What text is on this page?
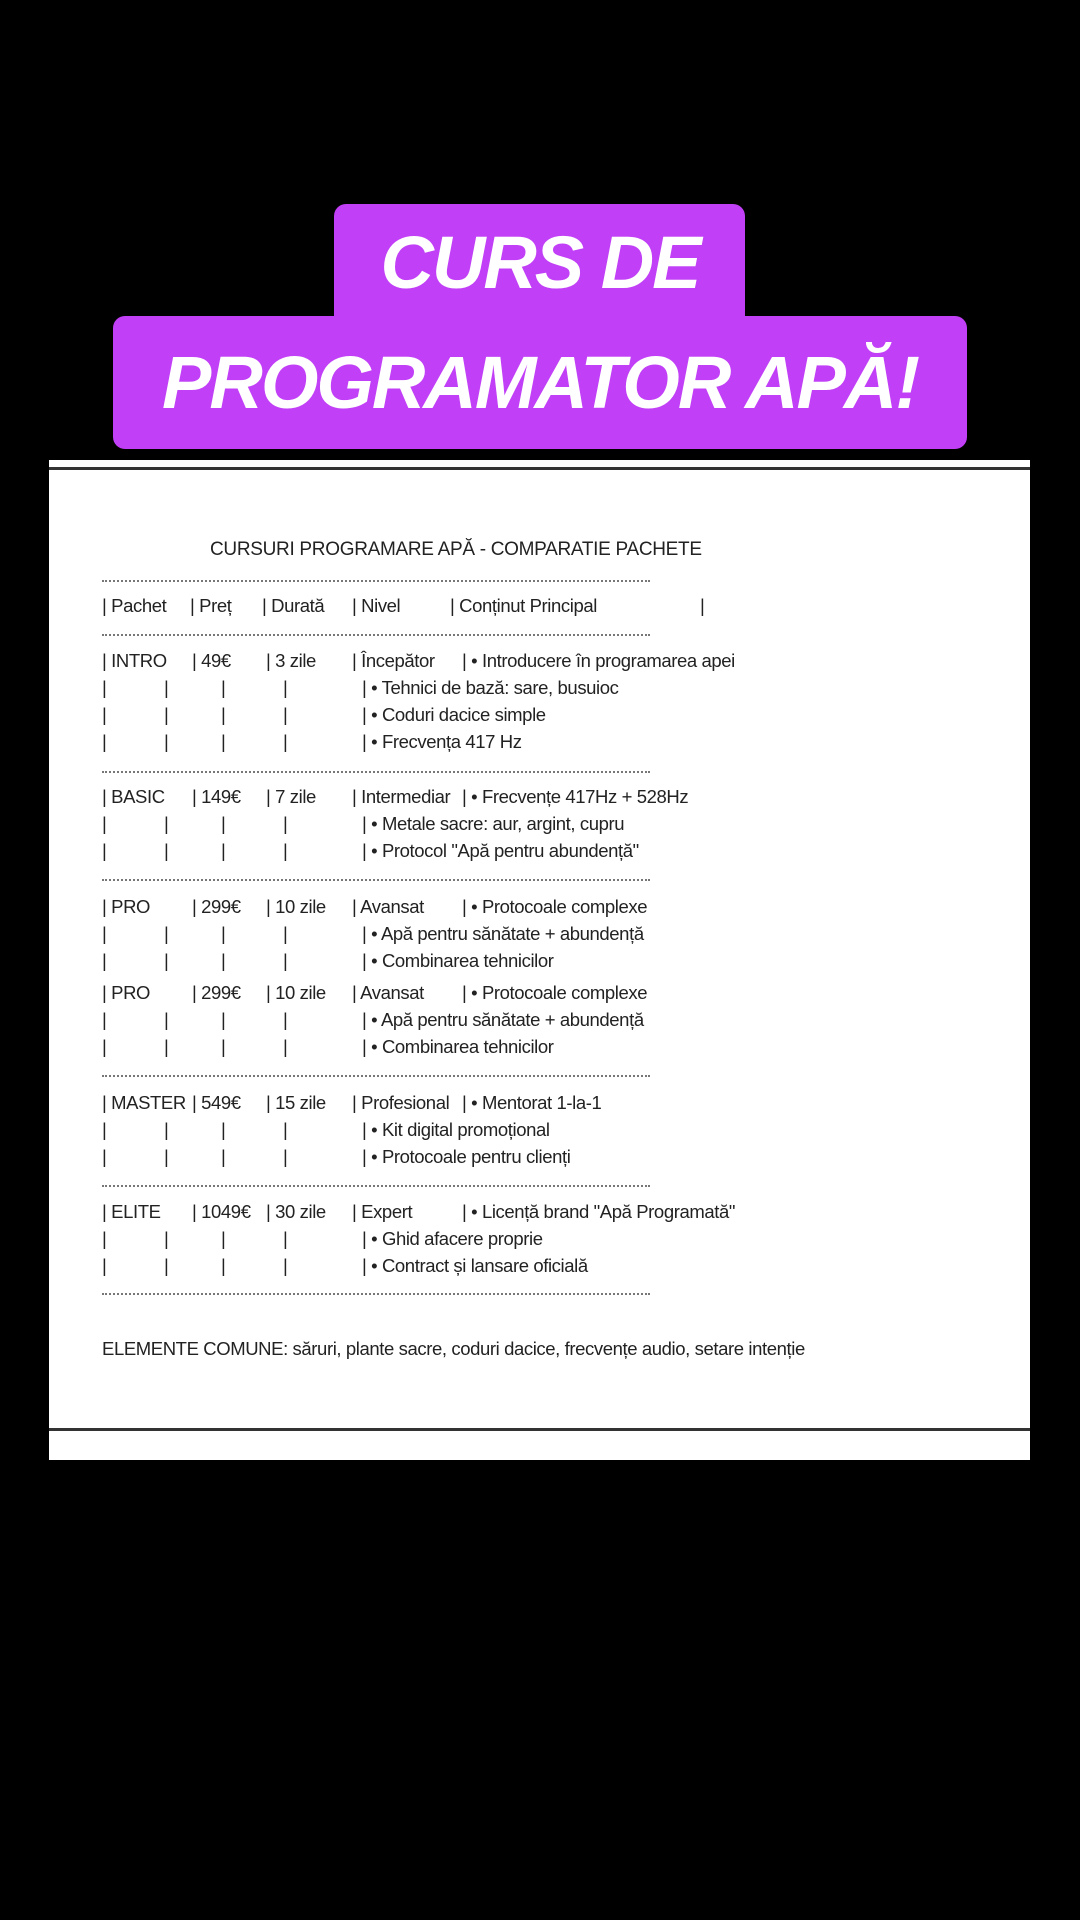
CURS DE
PROGRAMATOR APĂ!
CURSURI PROGRAMARE APĂ - COMPARATIE PACHETE
| Pachet | Preț | Durată | Nivel	| Conținut Principal	|
| INTRO | 49€ | 3 zile | Începător | • Introducere în programarea apei
|	|	|	|	| • Tehnici de bază: sare, busuioc
|	|	|	|	| • Coduri dacice simple
|	|	|	|	| • Frecvența 417 Hz
| BASIC | 149€ | 7 zile | Intermediar | • Frecvențe 417Hz + 528Hz
|	|	|	|	| • Metale sacre: aur, argint, cupru
|	|	|	|	| • Protocol "Apă pentru abundență"
| PRO | 299€ | 10 zile | Avansat | • Protocoale complexe
|	|	|	|	| • Apă pentru sănătate + abundență
|	|	|	|	| • Combinarea tehnicilor
| PRO | 299€ | 10 zile | Avansat | • Protocoale complexe
|	|	|	|	| • Apă pentru sănătate + abundență
|	|	|	|	| • Combinarea tehnicilor
| MASTER | 549€ | 15 zile | Profesional | • Mentorat 1-la-1
|	|	|	|	| • Kit digital promoțional
|	|	|	|	| • Protocoale pentru clienți
| ELITE | 1049€ | 30 zile | Expert	| • Licență brand "Apă Programată"
|	|	|	|	| • Ghid afacere proprie
|	|	|	|	| • Contract și lansare oficială
ELEMENTE COMUNE: săruri, plante sacre, coduri dacice, frecvențe audio, setare intenție
